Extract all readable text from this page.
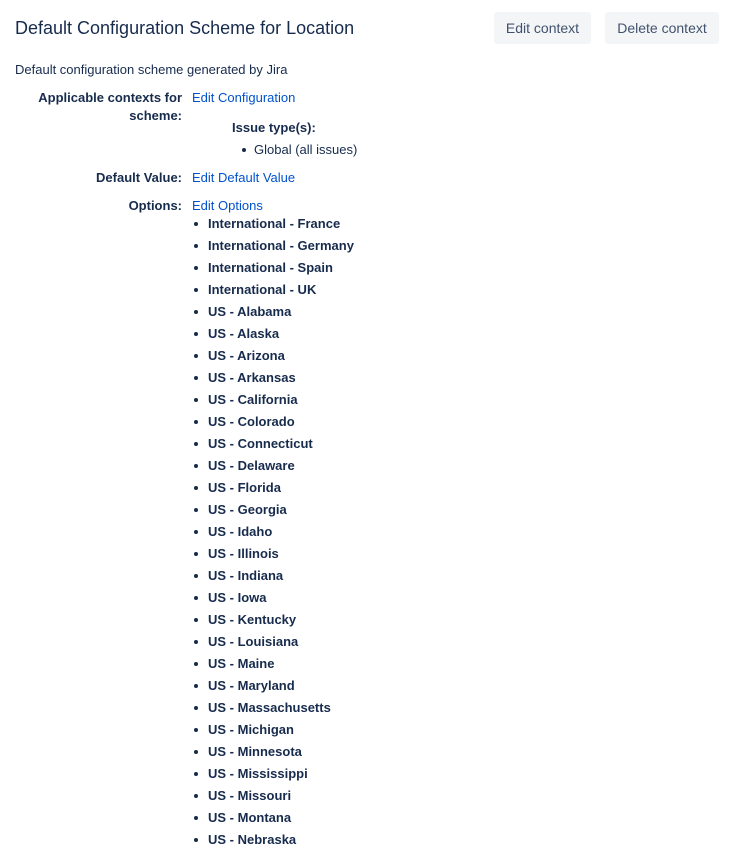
Default Configuration Scheme for Location	Edit context	Delete context
Default configuration scheme generated by Jira
Applicable contexts for scheme:
Edit Configuration
Issue type(s):
Global (all issues)
Default Value: Edit Default Value
Options: Edit Options
International - France
International - Germany
International - Spain
International - UK
US - Alabama
US - Alaska
US - Arizona
US - Arkansas
US - California
US - Colorado
US - Connecticut
US - Delaware
US - Florida
US - Georgia
US - Idaho
US - Illinois
US - Indiana
US - Iowa
US - Kentucky
US - Louisiana
US - Maine
US - Maryland
US - Massachusetts
US - Michigan
US - Minnesota
US - Mississippi
US - Missouri
US - Montana
US - Nebraska
